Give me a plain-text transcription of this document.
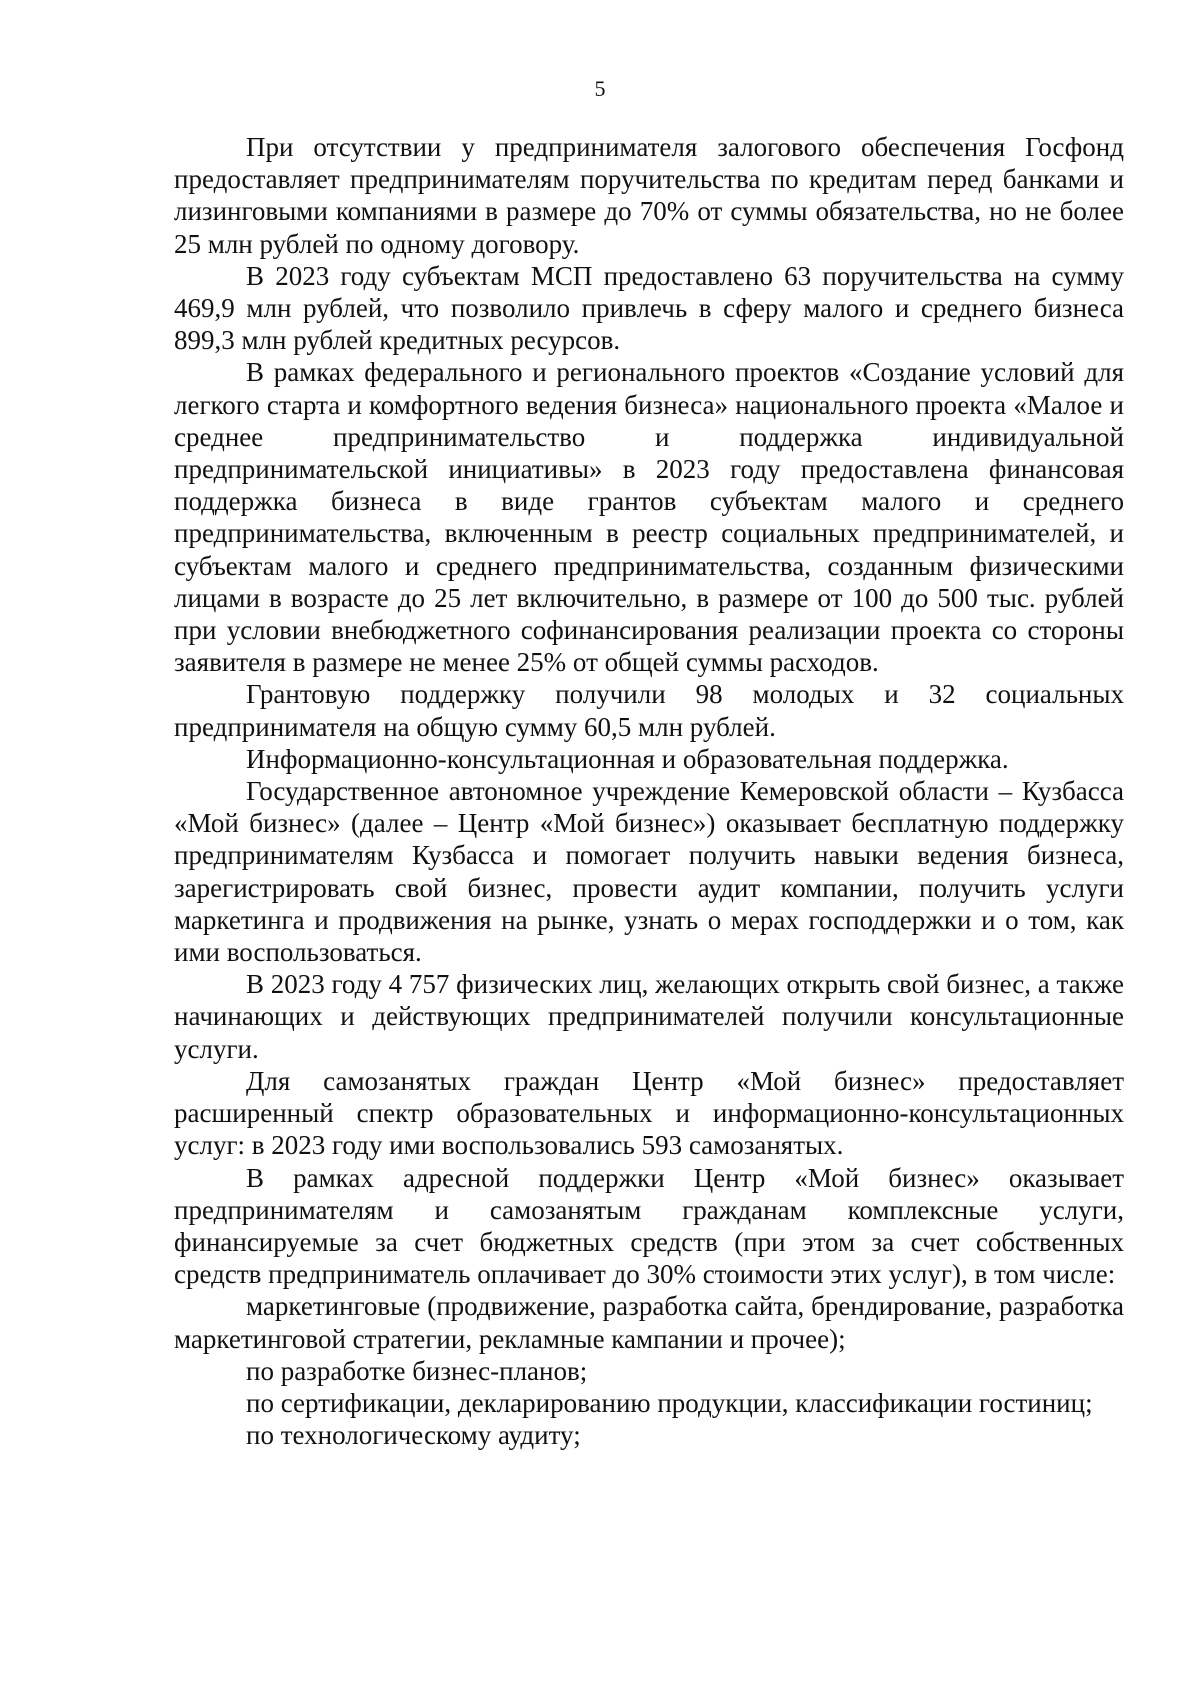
5

При отсутствии у предпринимателя залогового обеспечения Госфонд предоставляет предпринимателям поручительства по кредитам перед банками и лизинговыми компаниями в размере до 70% от суммы обязательства, но не более 25 млн рублей по одному договору.

В 2023 году субъектам МСП предоставлено 63 поручительства на сумму 469,9 млн рублей, что позволило привлечь в сферу малого и среднего бизнеса 899,3 млн рублей кредитных ресурсов.

В рамках федерального и регионального проектов «Создание условий для легкого старта и комфортного ведения бизнеса» национального проекта «Малое и среднее предпринимательство и поддержка индивидуальной предпринимательской инициативы» в 2023 году предоставлена финансовая поддержка бизнеса в виде грантов субъектам малого и среднего предпринимательства, включенным в реестр социальных предпринимателей, и субъектам малого и среднего предпринимательства, созданным физическими лицами в возрасте до 25 лет включительно, в размере от 100 до 500 тыс. рублей при условии внебюджетного софинансирования реализации проекта со стороны заявителя в размере не менее 25% от общей суммы расходов.

Грантовую поддержку получили 98 молодых и 32 социальных предпринимателя на общую сумму 60,5 млн рублей.

Информационно-консультационная и образовательная поддержка.

Государственное автономное учреждение Кемеровской области – Кузбасса «Мой бизнес» (далее – Центр «Мой бизнес») оказывает бесплатную поддержку предпринимателям Кузбасса и помогает получить навыки ведения бизнеса, зарегистрировать свой бизнес, провести аудит компании, получить услуги маркетинга и продвижения на рынке, узнать о мерах господдержки и о том, как ими воспользоваться.

В 2023 году 4 757 физических лиц, желающих открыть свой бизнес, а также начинающих и действующих предпринимателей получили консультационные услуги.

Для самозанятых граждан Центр «Мой бизнес» предоставляет расширенный спектр образовательных и информационно-консультационных услуг: в 2023 году ими воспользовались 593 самозанятых.

В рамках адресной поддержки Центр «Мой бизнес» оказывает предпринимателям и самозанятым гражданам комплексные услуги, финансируемые за счет бюджетных средств (при этом за счет собственных средств предприниматель оплачивает до 30% стоимости этих услуг), в том числе:

маркетинговые (продвижение, разработка сайта, брендирование, разработка маркетинговой стратегии, рекламные кампании и прочее);

по разработке бизнес-планов;

по сертификации, декларированию продукции, классификации гостиниц;

по технологическому аудиту;
